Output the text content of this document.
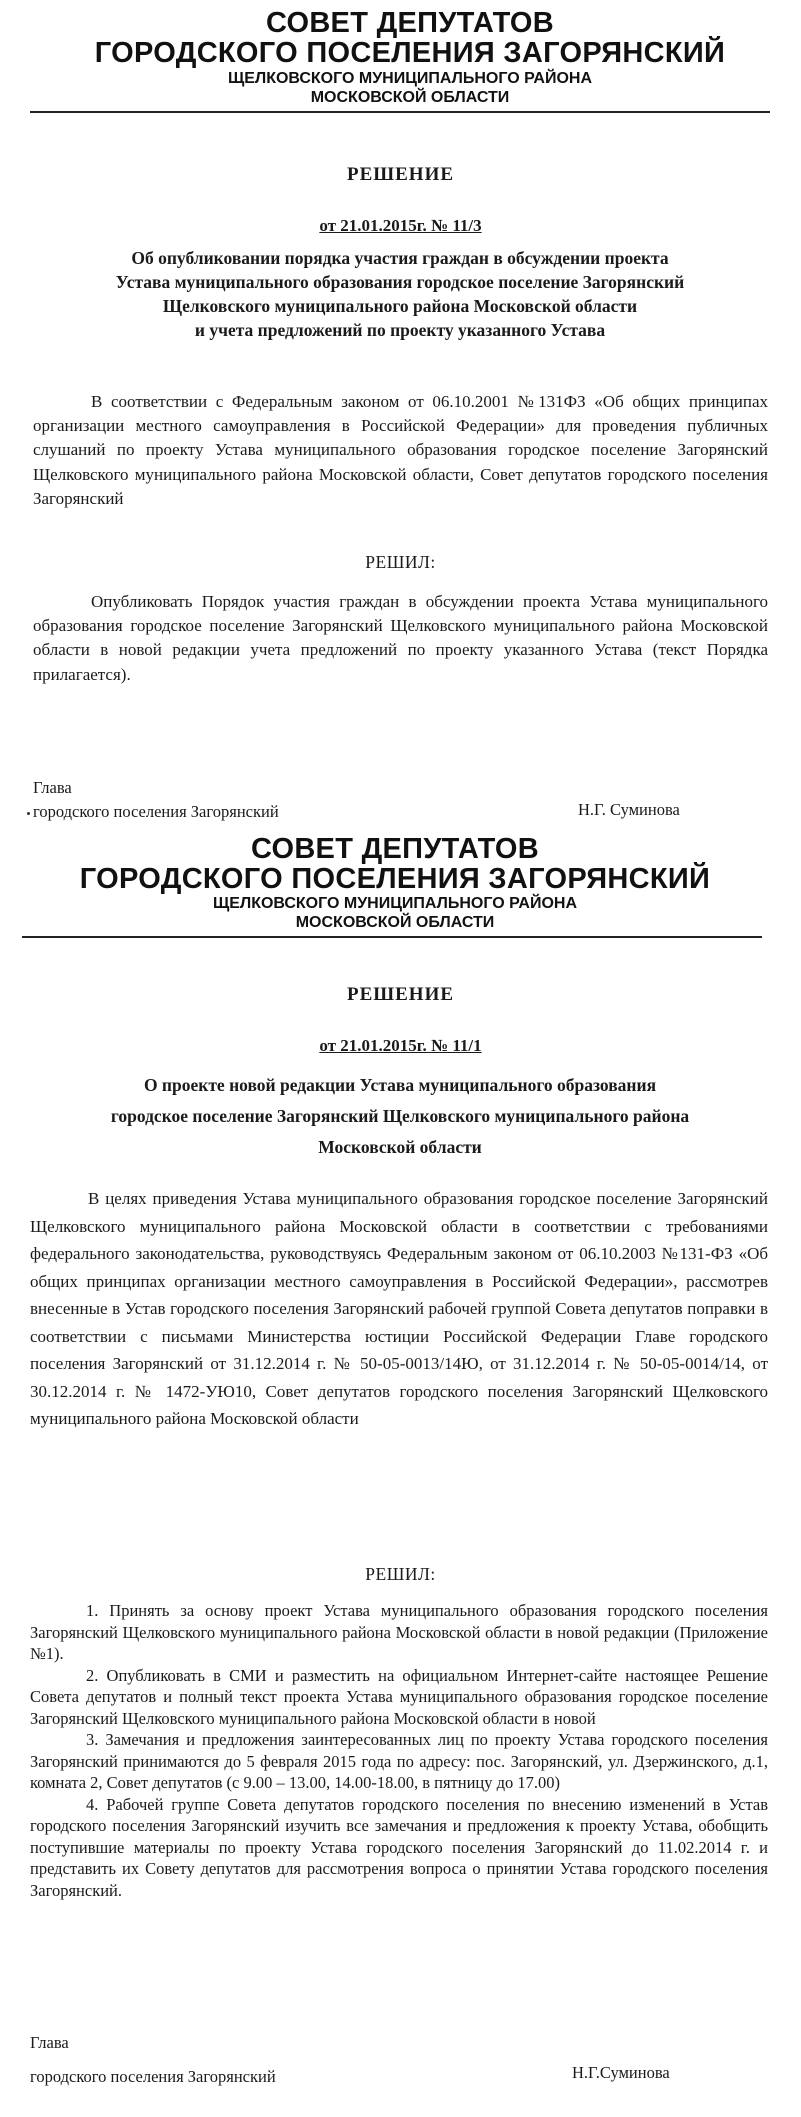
СОВЕТ ДЕПУТАТОВ
ГОРОДСКОГО ПОСЕЛЕНИЯ ЗАГОРЯНСКИЙ
ЩЕЛКОВСКОГО МУНИЦИПАЛЬНОГО РАЙОНА
МОСКОВСКОЙ ОБЛАСТИ
РЕШЕНИЕ
от 21.01.2015г. № 11/3
Об опубликовании порядка участия граждан в обсуждении проекта
Устава муниципального образования городское поселение Загорянский
Щелковского муниципального района Московской области
и учета предложений по проекту указанного Устава

В соответствии с Федеральным законом от 06.10.2001 №131ФЗ «Об общих принципах организации местного самоуправления в Российской Федерации» для проведения публичных слушаний по проекту Устава муниципального образования городское поселение Загорянский Щелковского муниципального района Московской области, Совет депутатов городского поселения Загорянский

РЕШИЛ:

Опубликовать Порядок участия граждан в обсуждении проекта Устава муниципального образования городское поселение Загорянский Щелковского муниципального района Московской области в новой редакции учета предложений по проекту указанного Устава (текст Порядка прилагается).

Глава
городского поселения Загорянский	Н.Г. Суминова
СОВЕТ ДЕПУТАТОВ
ГОРОДСКОГО ПОСЕЛЕНИЯ ЗАГОРЯНСКИЙ
ЩЕЛКОВСКОГО МУНИЦИПАЛЬНОГО РАЙОНА
МОСКОВСКОЙ ОБЛАСТИ
РЕШЕНИЕ
от 21.01.2015г. № 11/1
О проекте новой редакции Устава муниципального образования
городское поселение Загорянский Щелковского муниципального района
Московской области

В целях приведения Устава муниципального образования городское поселение Загорянский Щелковского муниципального района Московской области в соответствии с требованиями федерального законодательства, руководствуясь Федеральным законом от 06.10.2003 №131-ФЗ «Об общих принципах организации местного самоуправления в Российской Федерации», рассмотрев внесенные в Устав городского поселения Загорянский рабочей группой Совета депутатов поправки в соответствии с письмами Министерства юстиции Российской Федерации Главе городского поселения Загорянский от 31.12.2014 г. № 50-05-0013/14Ю, от 31.12.2014 г. № 50-05-0014/14, от 30.12.2014 г. № 1472-УЮ10, Совет депутатов городского поселения Загорянский Щелковского муниципального района Московской области

РЕШИЛ:

1. Принять за основу проект Устава муниципального образования городского поселения Загорянский Щелковского муниципального района Московской области в новой редакции (Приложение №1).

2. Опубликовать в СМИ и разместить на официальном Интернет-сайте настоящее Решение Совета депутатов и полный текст проекта Устава муниципального образования городское поселение Загорянский Щелковского муниципального района Московской области в новой

3. Замечания и предложения заинтересованных лиц по проекту Устава городского поселения Загорянский принимаются до 5 февраля 2015 года по адресу: пос. Загорянский, ул. Дзержинского, д.1, комната 2, Совет депутатов (с 9.00 – 13.00, 14.00-18.00, в пятницу до 17.00)

4. Рабочей группе Совета депутатов городского поселения по внесению изменений в Устав городского поселения Загорянский изучить все замечания и предложения к проекту Устава, обобщить поступившие материалы по проекту Устава городского поселения Загорянский до 11.02.2014 г. и представить их Совету депутатов для рассмотрения вопроса о принятии Устава городского поселения Загорянский.

Глава
городского поселения Загорянский	Н.Г.Суминова
